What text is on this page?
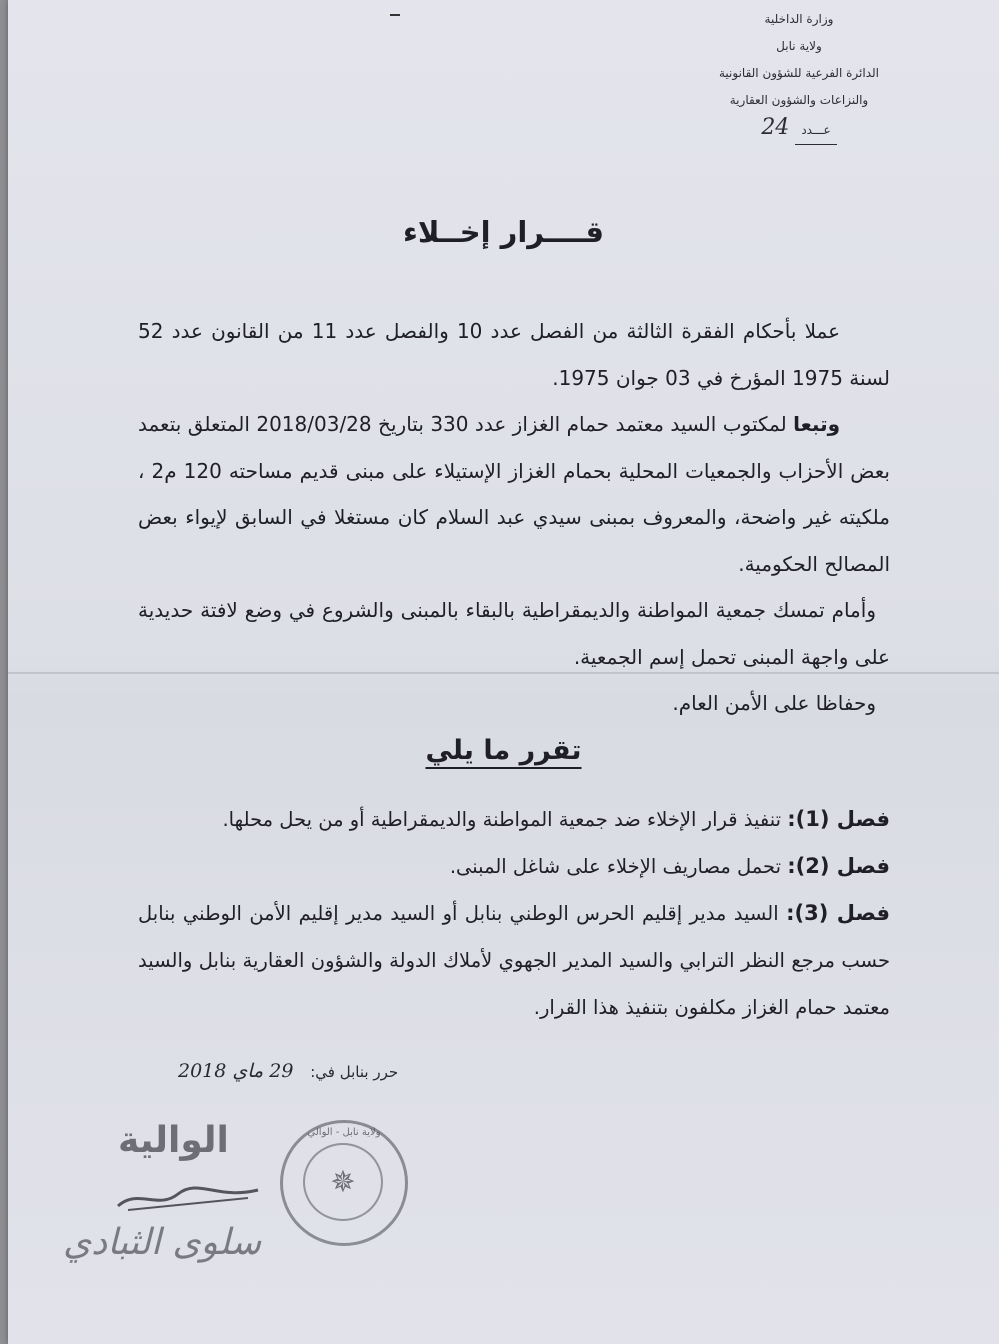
وزارة الداخلية
ولاية نابل
الدائرة الفرعية للشؤون القانونية
والنزاعات والشؤون العقارية
عـــدد24
قــــرار إخــلاء

عملا بأحكام الفقرة الثالثة من الفصل عدد 10 والفصل عدد 11 من القانون عدد 52 لسنة 1975 المؤرخ في 03 جوان 1975.

وتبعا لمكتوب السيد معتمد حمام الغزاز عدد 330 بتاريخ 2018/03/28 المتعلق بتعمد بعض الأحزاب والجمعيات المحلية بحمام الغزاز الإستيلاء على مبنى قديم مساحته 120 م2 ، ملكيته غير واضحة، والمعروف بمبنى سيدي عبد السلام كان مستغلا في السابق لإيواء بعض المصالح الحكومية.

وأمام تمسك جمعية المواطنة والديمقراطية بالبقاء بالمبنى والشروع في وضع لافتة حديدية على واجهة المبنى تحمل إسم الجمعية.

وحفاظا على الأمن العام.

تقرر ما يلي

فصل (1): تنفيذ قرار الإخلاء ضد جمعية المواطنة والديمقراطية أو من يحل محلها.

فصل (2): تحمل مصاريف الإخلاء على شاغل المبنى.

فصل (3): السيد مدير إقليم الحرس الوطني بنابل أو السيد مدير إقليم الأمن الوطني بنابل حسب مرجع النظر الترابي والسيد المدير الجهوي لأملاك الدولة والشؤون العقارية بنابل والسيد معتمد حمام الغزاز مكلفون بتنفيذ هذا القرار.

حرر بنابل في: 29 ماي 2018
ولاية نابل - الوالي
✵
الوالية
سلوى الثبادي
